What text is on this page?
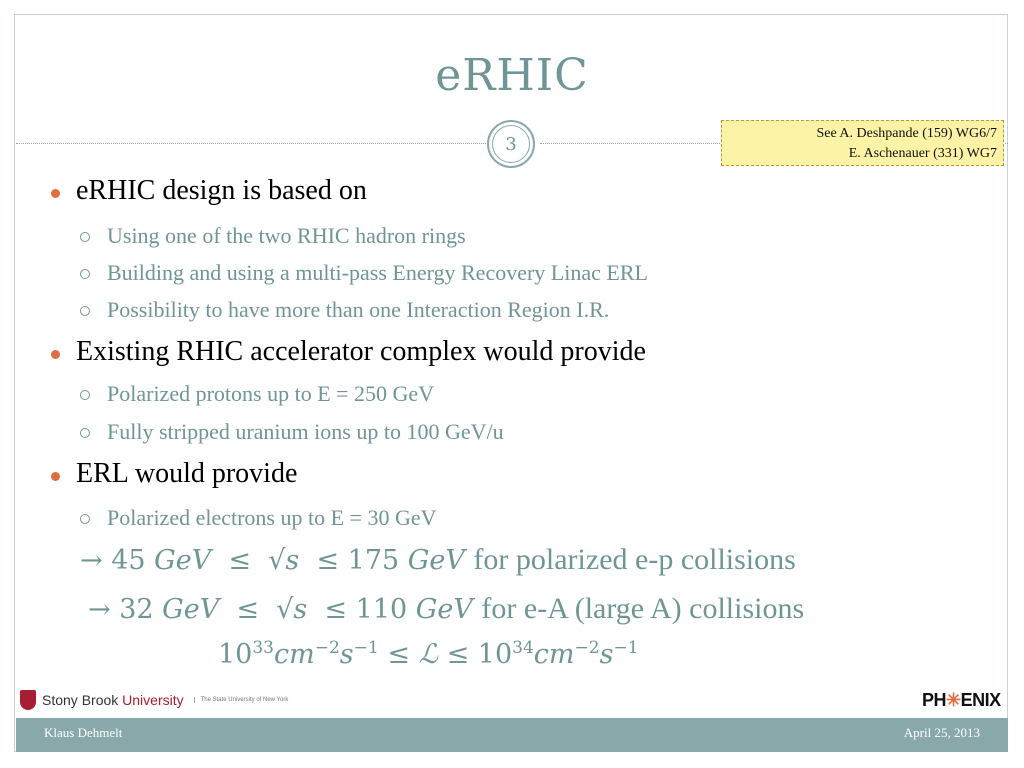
eRHIC
3
See A. Deshpande (159) WG6/7
E. Aschenauer (331) WG7
eRHIC design is based on
Using one of the two RHIC hadron rings
Building and using a multi-pass Energy Recovery Linac ERL
Possibility to have more than one Interaction Region I.R.
Existing RHIC accelerator complex would provide
Polarized protons up to E = 250 GeV
Fully stripped uranium ions up to 100 GeV/u
ERL would provide
Polarized electrons up to E = 30 GeV
→ 45 GeV ≤ √s ≤ 175 GeV for polarized e-p collisions
→ 32 GeV ≤ √s ≤ 110 GeV for e-A (large A) collisions
$10^{33}cm^{-2}s^{-1}$ ≤ ℒ ≤ $10^{34}cm^{-2}s^{-1}$
Stony Brook University	The State University of New York	PH✳ENIX
Klaus Dehmelt	April 25, 2013
